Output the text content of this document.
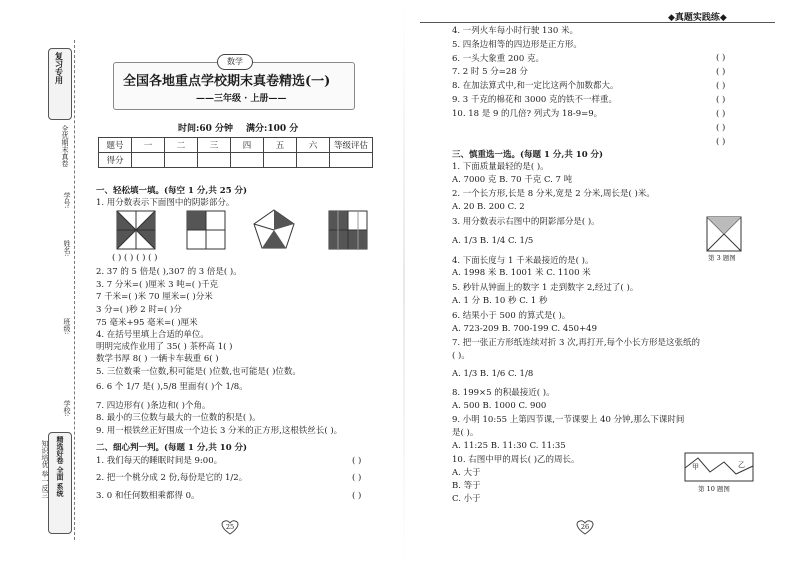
复习专用
全优期末真卷
学号:
姓名:
班级:
学校:
精选好卷 全面 系统
知识培优 举一反三
数学
全国各地重点学校期末真卷精选(一)
——三年级 · 上册——
时间:60 分钟 满分:100 分
◆真题实践练◆
题号	一	二	三	四	五	六	等级评估
得分							
一、轻松填一填。(每空 1 分,共 25 分)
1. 用分数表示下面图中的阴影部分。
( ) ( ) ( ) ( )
2. 37 的 5 倍是( ),307 的 3 倍是( )。
3. 7 分米=( )厘米 3 吨=( )千克
7 千米=( )米 70 厘米=( )分米
3 分=( )秒 2 时=( )分
75 毫米+95 毫米=( )厘米
4. 在括号里填上合适的单位。
明明完成作业用了 35( ) 茶杯高 1( )
数学书厚 8( ) 一辆卡车载重 6( )
5. 三位数乘一位数,积可能是( )位数,也可能是( )位数。
6. 6 个 1/7 是( ),5/8 里面有( )个 1/8。
7. 四边形有( )条边和( )个角。
8. 最小的三位数与最大的一位数的积是( )。
9. 用一根铁丝正好围成一个边长 3 分米的正方形,这根铁丝长( )。
二、细心判一判。(每题 1 分,共 10 分)
1. 我们每天的睡眠时间是 9:00。
2. 把一个桃分成 2 份,每份是它的 1/2。
3. 0 和任何数相乘都得 0。
( )
( )
( )
25
4. 一列火车每小时行驶 130 米。
5. 四条边相等的四边形是正方形。
6. 一头大象重 200 克。
7. 2 时 5 分=28 分
8. 在加法算式中,和一定比这两个加数都大。
9. 3 千克的棉花和 3000 克的铁不一样重。
10. 18 是 9 的几倍? 列式为 18-9=9。
( )
( )
( )
( )
( )
( )
( )
三、慎重选一选。(每题 1 分,共 10 分)
1. 下面质量最轻的是( )。
A. 7000 克 B. 70 千克 C. 7 吨
2. 一个长方形,长是 8 分米,宽是 2 分米,周长是( )米。
A. 20 B. 200 C. 2
3. 用分数表示右图中的阴影部分是( )。
A. 1/3 B. 1/4 C. 1/5
4. 下面长度与 1 千米最接近的是( )。
A. 1998 米 B. 1001 米 C. 1100 米
5. 秒针从钟面上的数字 1 走到数字 2,经过了( )。
A. 1 分 B. 10 秒 C. 1 秒
6. 结果小于 500 的算式是( )。
A. 723-209 B. 700-199 C. 450+49
7. 把一张正方形纸连续对折 3 次,再打开,每个小长方形是这张纸的
( )。
A. 1/3 B. 1/6 C. 1/8
8. 199×5 的积最接近( )。
A. 500 B. 1000 C. 900
9. 小明 10:55 上第四节课,一节课要上 40 分钟,那么下课时间
是( )。
A. 11:25 B. 11:30 C. 11:35
10. 右图中甲的周长( )乙的周长。
A. 大于
B. 等于
C. 小于
第 3 题图
甲	乙
第 10 题图
26
